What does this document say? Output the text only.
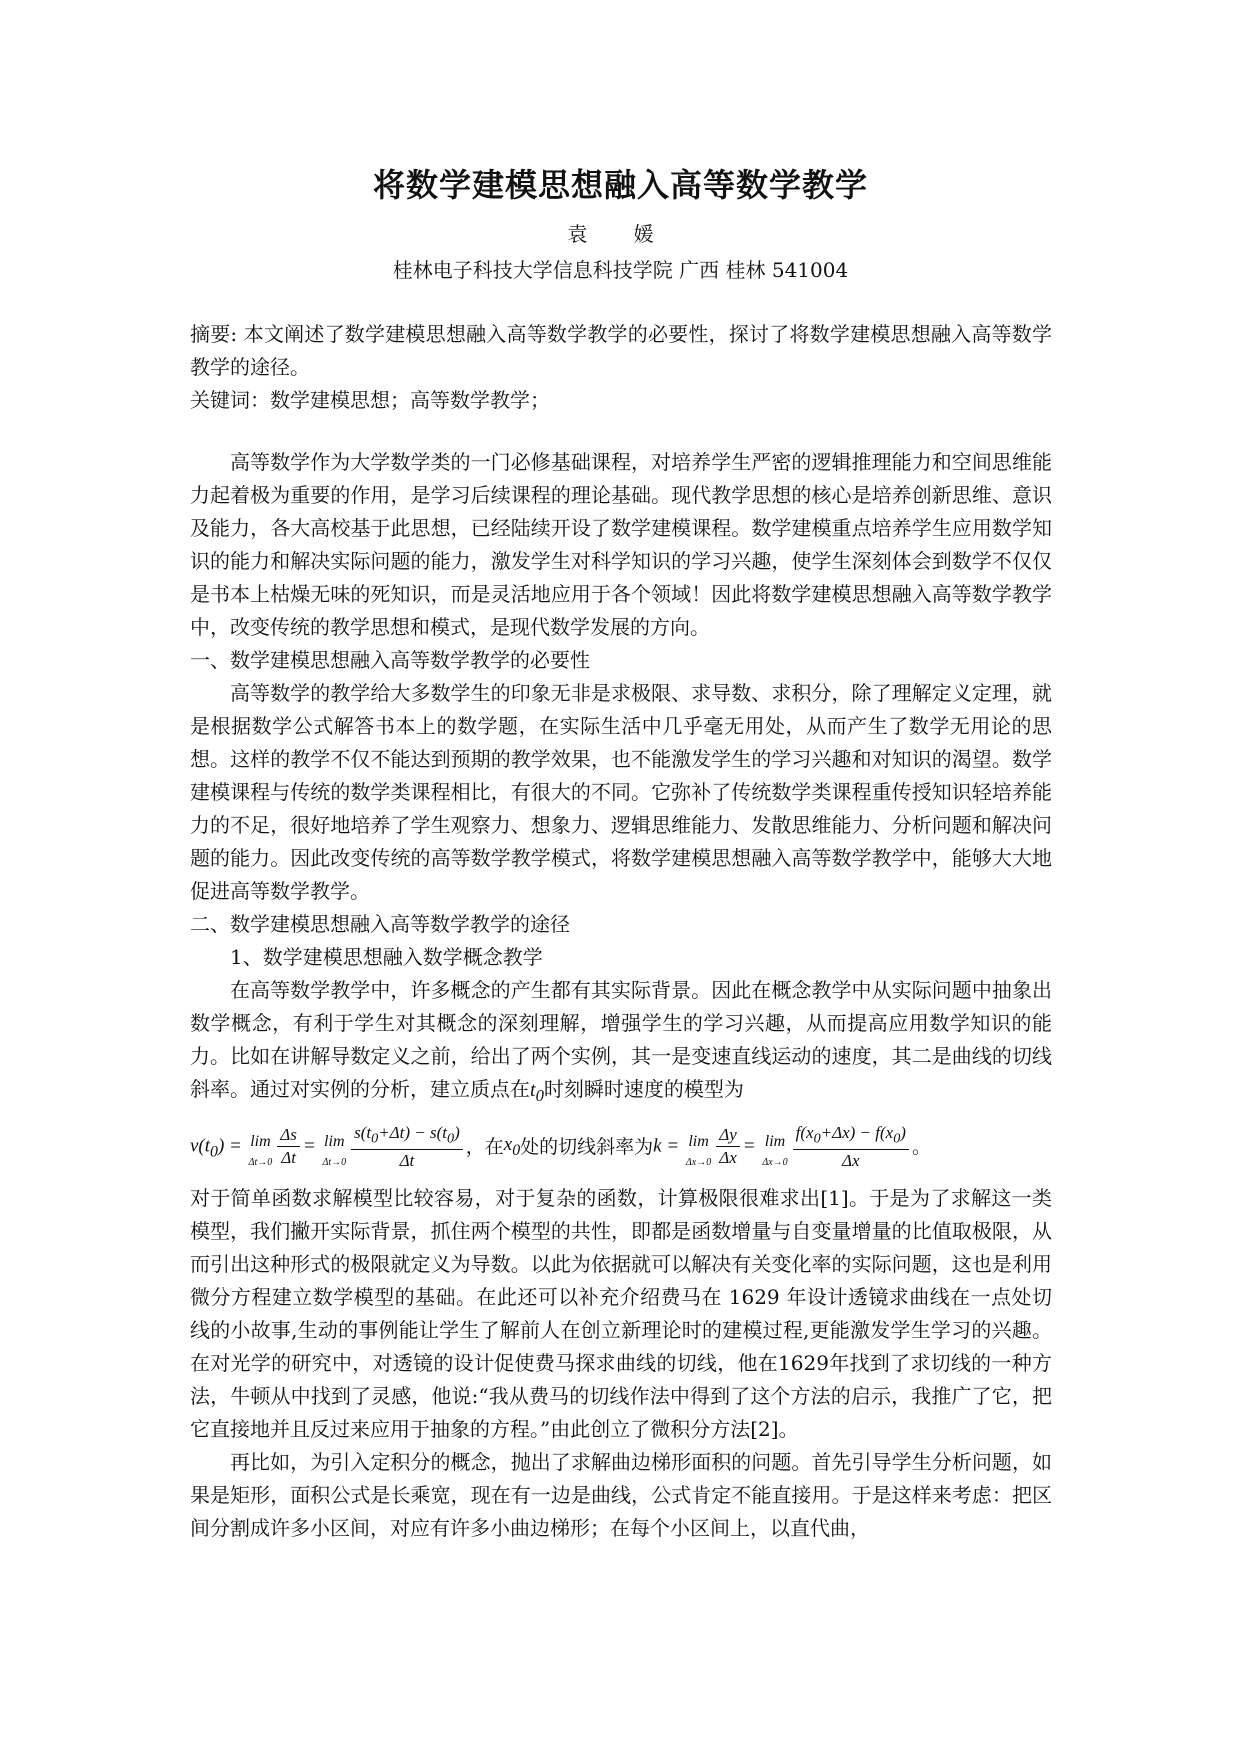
将数学建模思想融入高等数学教学
袁 媛
桂林电子科技大学信息科技学院 广西 桂林 541004

摘要: 本文阐述了数学建模思想融入高等数学教学的必要性，探讨了将数学建模思想融入高等数学教学的途径。

关键词：数学建模思想；高等数学教学；

高等数学作为大学数学类的一门必修基础课程，对培养学生严密的逻辑推理能力和空间思维能力起着极为重要的作用，是学习后续课程的理论基础。现代教学思想的核心是培养创新思维、意识及能力，各大高校基于此思想，已经陆续开设了数学建模课程。数学建模重点培养学生应用数学知识的能力和解决实际问题的能力，激发学生对科学知识的学习兴趣，使学生深刻体会到数学不仅仅是书本上枯燥无味的死知识，而是灵活地应用于各个领域！因此将数学建模思想融入高等数学教学中，改变传统的教学思想和模式，是现代数学发展的方向。

一、数学建模思想融入高等数学教学的必要性

高等数学的教学给大多数学生的印象无非是求极限、求导数、求积分，除了理解定义定理，就是根据数学公式解答书本上的数学题，在实际生活中几乎毫无用处，从而产生了数学无用论的思想。这样的教学不仅不能达到预期的教学效果，也不能激发学生的学习兴趣和对知识的渴望。数学建模课程与传统的数学类课程相比，有很大的不同。它弥补了传统数学类课程重传授知识轻培养能力的不足，很好地培养了学生观察力、想象力、逻辑思维能力、发散思维能力、分析问题和解决问题的能力。因此改变传统的高等数学教学模式，将数学建模思想融入高等数学教学中，能够大大地促进高等数学教学。

二、数学建模思想融入高等数学教学的途径

1、数学建模思想融入数学概念教学

在高等数学教学中，许多概念的产生都有其实际背景。因此在概念教学中从实际问题中抽象出数学概念，有利于学生对其概念的深刻理解，增强学生的学习兴趣，从而提高应用数学知识的能力。比如在讲解导数定义之前，给出了两个实例，其一是变速直线运动的速度，其二是曲线的切线斜率。通过对实例的分析，建立质点在$t_0$时刻瞬时速度的模型为

$v(t_0) = \lim$
$\Delta t\to 0 \frac{\Delta s}{\Delta t} = \lim$
$\Delta t\to 0 \frac{s(t_0+\Delta t) - s(t_0)}{\Delta t}$ ，在 $x_0$ 处的切线斜率为 k = lim
$\Delta x\to 0 \frac{\Delta y}{\Delta x} = \lim$
$\Delta x\to 0 \frac{f(x_0+\Delta x) - f(x_0)}{\Delta x}$ 。

对于简单函数求解模型比较容易，对于复杂的函数，计算极限很难求出[1]。于是为了求解这一类模型，我们撇开实际背景，抓住两个模型的共性，即都是函数增量与自变量增量的比值取极限，从而引出这种形式的极限就定义为导数。以此为依据就可以解决有关变化率的实际问题，这也是利用微分方程建立数学模型的基础。在此还可以补充介绍费马在 1629 年设计透镜求曲线在一点处切线的小故事,生动的事例能让学生了解前人在创立新理论时的建模过程,更能激发学生学习的兴趣。在对光学的研究中，对透镜的设计促使费马探求曲线的切线，他在1629年找到了求切线的一种方法，牛顿从中找到了灵感，他说:“我从费马的切线作法中得到了这个方法的启示，我推广了它，把它直接地并且反过来应用于抽象的方程。”由此创立了微积分方法[2]。

再比如，为引入定积分的概念，抛出了求解曲边梯形面积的问题。首先引导学生分析问题，如果是矩形，面积公式是长乘宽，现在有一边是曲线，公式肯定不能直接用。于是这样来考虑：把区间分割成许多小区间，对应有许多小曲边梯形；在每个小区间上，以直代曲，
